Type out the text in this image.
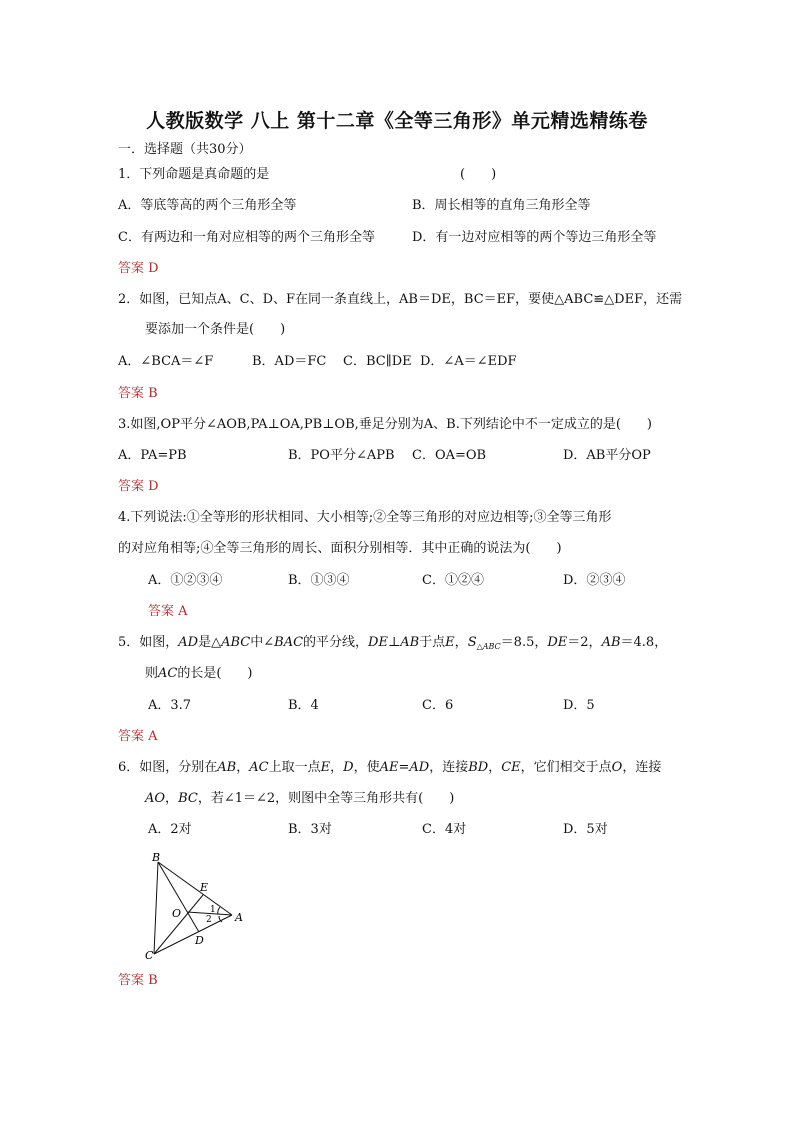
人教版数学 八上 第十二章《全等三角形》单元精选精练卷
一．选择题（共30分）
1．下列命题是真命题的是	(　　)
A．等底等高的两个三角形全等	B．周长相等的直角三角形全等
C．有两边和一角对应相等的两个三角形全等	D．有一边对应相等的两个等边三角形全等
答案 D
2．如图，已知点A、C、D、F在同一条直线上，AB＝DE，BC＝EF，要使△ABC≌△DEF，还需
要添加一个条件是(　　)
A．∠BCA＝∠F	B．AD＝FC C．BC∥DE D．∠A＝∠EDF
答案 B
3.如图,OP平分∠AOB,PA⊥OA,PB⊥OB,垂足分别为A、B.下列结论中不一定成立的是(　　)
A．PA=PB	B．PO平分∠APB C．OA=OB	D．AB平分OP
答案 D
4.下列说法:①全等形的形状相同、大小相等;②全等三角形的对应边相等;③全等三角形
的对应角相等;④全等三角形的周长、面积分别相等．其中正确的说法为(　　)
A．①②③④	B．①③④	C．①②④	D．②③④
答案 A
5．如图，AD是△ABC中∠BAC的平分线，DE⊥AB于点E，$S_{\triangle ABC}=8.5$，DE＝2，AB＝4.8，
则AC的长是(　　)
A．3.7	B．4	C．6	D．5
答案 A
6．如图，分别在AB，AC上取一点E，D，使AE=AD，连接BD，CE，它们相交于点O，连接
AO，BC，若∠1＝∠2，则图中全等三角形共有(　　)
A．2对	B．3对	C．4对	D．5对
B
E
O	A
D
C
1
2
答案 B
